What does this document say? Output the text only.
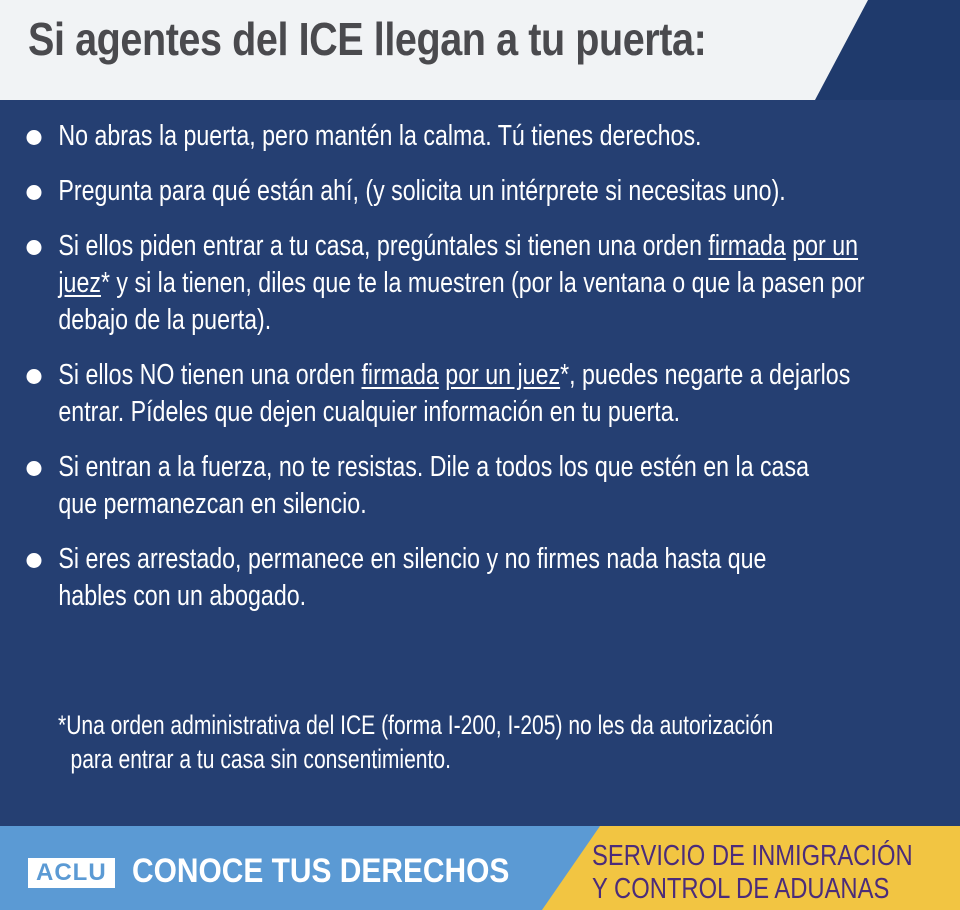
Si agentes del ICE llegan a tu puerta:
No abras la puerta, pero mantén la calma. Tú tienes derechos.
Pregunta para qué están ahí, (y solicita un intérprete si necesitas uno).
Si ellos piden entrar a tu casa, pregúntales si tienen una orden firmada por un juez* y si la tienen, diles que te la muestren (por la ventana o que la pasen por debajo de la puerta).
Si ellos NO tienen una orden firmada por un juez*, puedes negarte a dejarlos entrar. Pídeles que dejen cualquier información en tu puerta.
Si entran a la fuerza, no te resistas. Dile a todos los que estén en la casa que permanezcan en silencio.
Si eres arrestado, permanece en silencio y no firmes nada hasta que hables con un abogado.

*Una orden administrativa del ICE (forma I-200, I-205) no les da autorización
para entrar a tu casa sin consentimiento.

ACLU CONOCE TUS DERECHOS	SERVICIO DE INMIGRACIÓN
Y CONTROL DE ADUANAS
